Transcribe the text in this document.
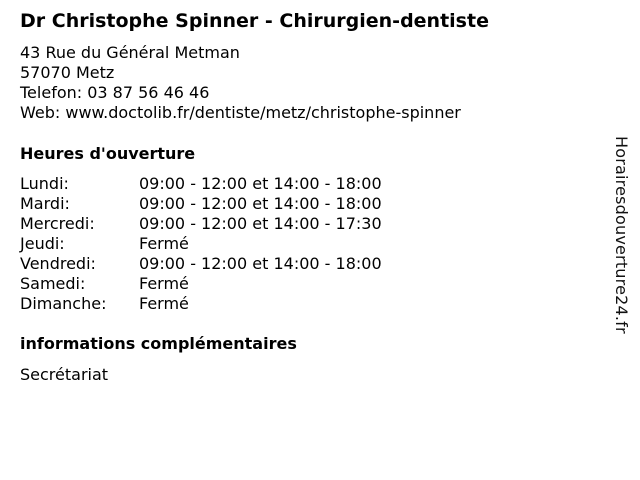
Dr Christophe Spinner - Chirurgien-dentiste
43 Rue du Général Metman
57070 Metz
Telefon: 03 87 56 46 46
Web: www.doctolib.fr/dentiste/metz/christophe-spinner
Heures d'ouverture
Lundi:	09:00 - 12:00 et 14:00 - 18:00
Mardi:	09:00 - 12:00 et 14:00 - 18:00
Mercredi:	09:00 - 12:00 et 14:00 - 17:30
Jeudi:	Fermé
Vendredi:	09:00 - 12:00 et 14:00 - 18:00
Samedi:	Fermé
Dimanche: Fermé
informations complémentaires
Secrétariat
Horairesdouverture24.fr
